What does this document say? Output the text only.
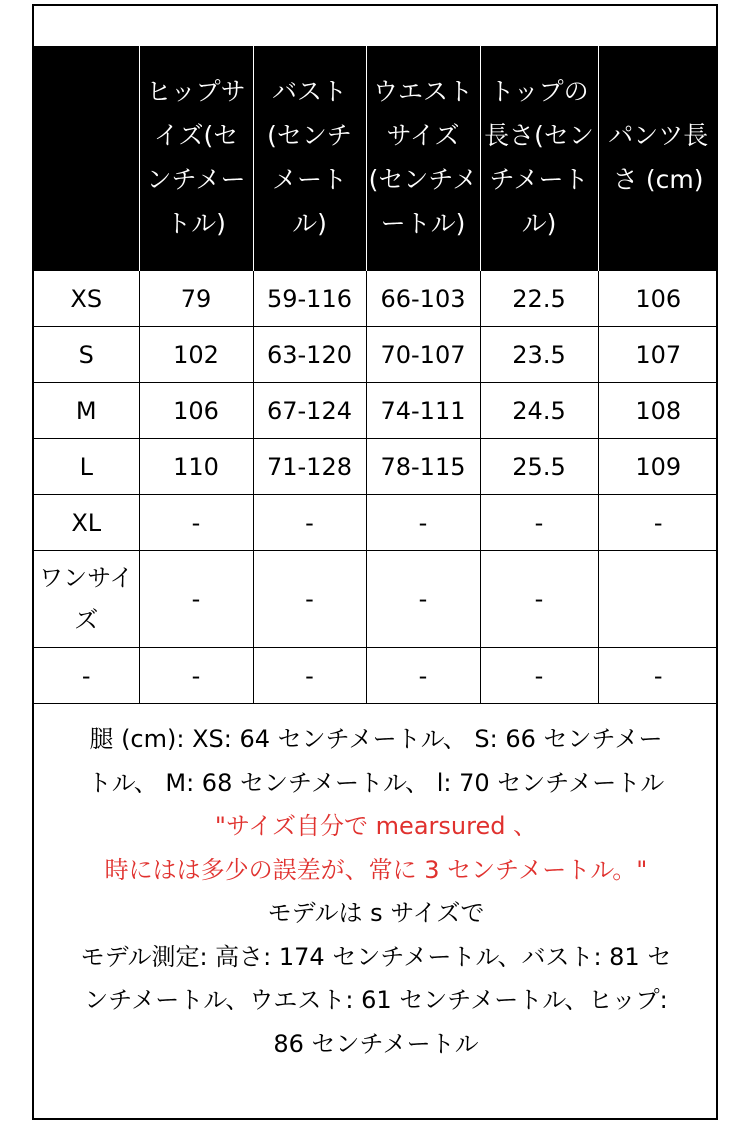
	ヒップサイズ(センチメートル)	バスト(センチメートル)	ウエストサイズ (センチメートル)	トップの長さ(センチメートル)	パンツ長さ (cm)
XS	79	59-116	66-103	22.5	106
S	102	63-120	70-107	23.5	107
M	106	67-124	74-111	24.5	108
L	110	71-128	78-115	25.5	109
XL	-	-	-	-	-
ワンサイズ	-	-	-	-	
-	-	-	-	-	-
腿 (cm): XS: 64 センチメートル、 S: 66 センチメー
トル、 M: 68 センチメートル、 l: 70 センチメートル
"サイズ自分で mearsured 、
時にはは多少の誤差が、常に 3 センチメートル。"
モデルは s サイズで
モデル測定: 高さ: 174 センチメートル、バスト: 81 セ
ンチメートル、ウエスト: 61 センチメートル、ヒップ:
86 センチメートル
